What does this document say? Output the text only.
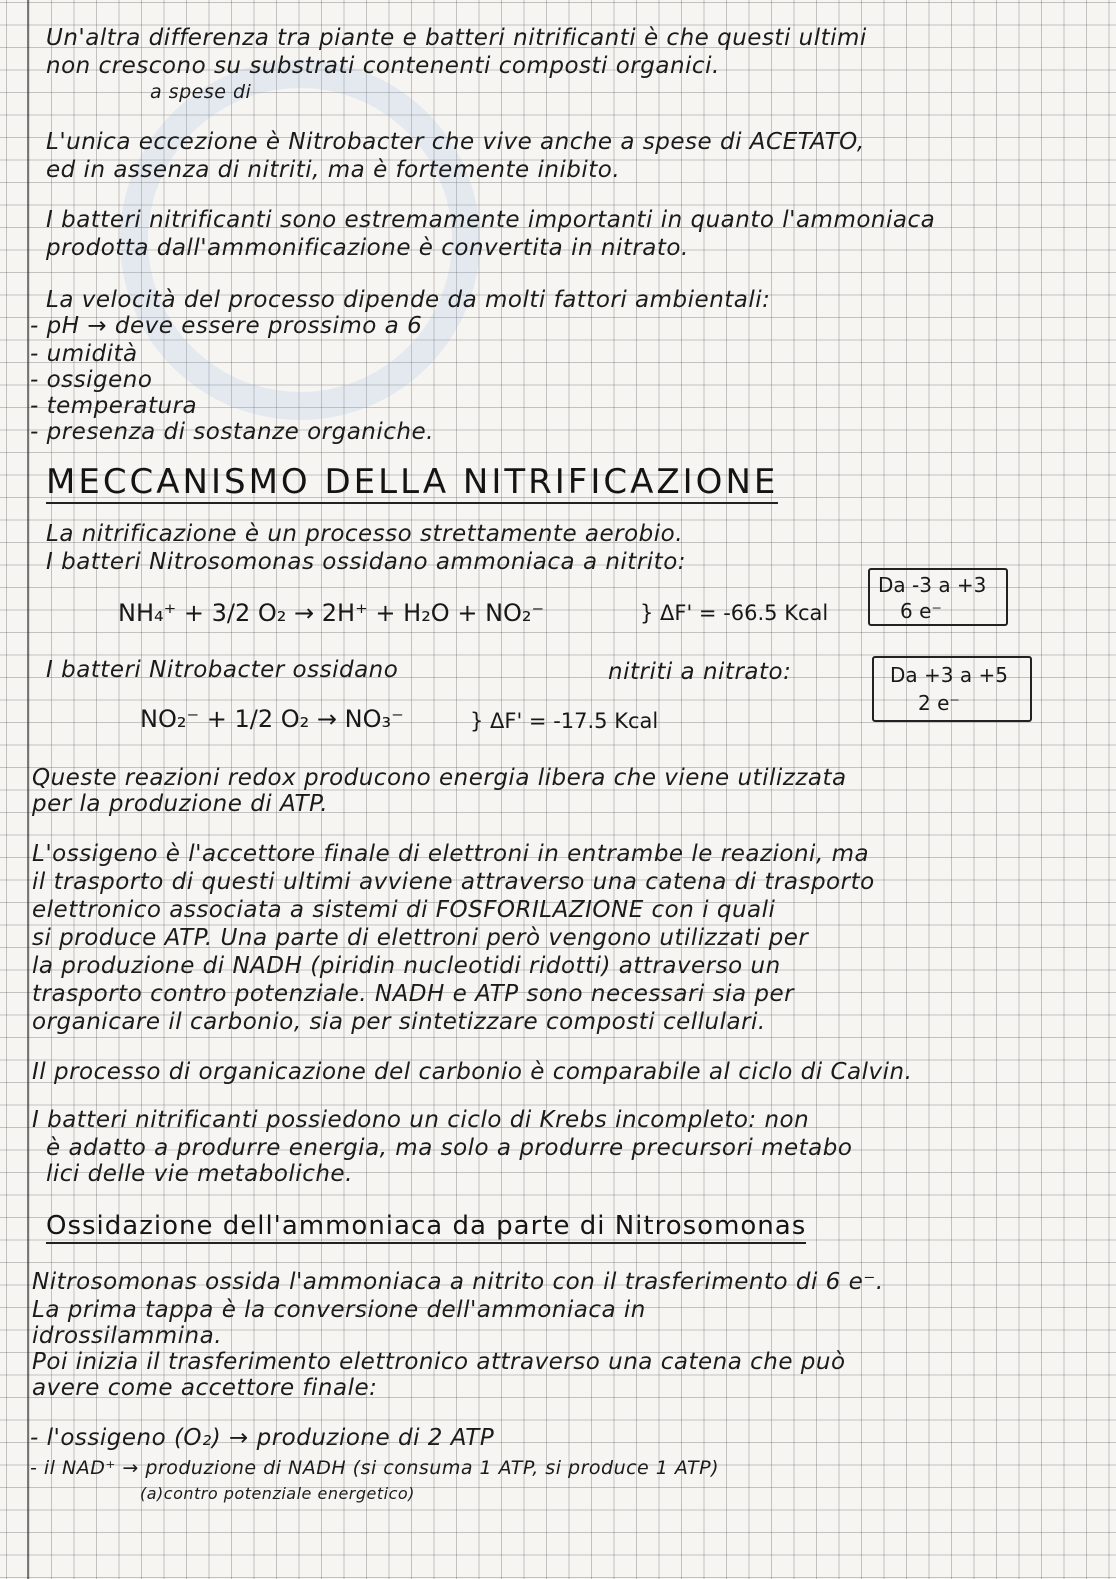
Un'altra differenza tra piante e batteri nitrificanti è che questi ultimi

non crescono su substrati contenenti composti organici.

a spese di

L'unica eccezione è Nitrobacter che vive anche a spese di ACETATO,

ed in assenza di nitriti, ma è fortemente inibito.

I batteri nitrificanti sono estremamente importanti in quanto l'ammoniaca

prodotta dall'ammonificazione è convertita in nitrato.

La velocità del processo dipende da molti fattori ambientali:

- pH → deve essere prossimo a 6

- umidità

- ossigeno

- temperatura

- presenza di sostanze organiche.

MECCANISMO DELLA NITRIFICAZIONE

La nitrificazione è un processo strettamente aerobio.

I batteri Nitrosomonas ossidano ammoniaca a nitrito:

NH₄⁺ + 3/2 O₂ → 2H⁺ + H₂O + NO₂⁻	} ΔF' = -66.5 Kcal

Da -3 a +3

6 e⁻

I batteri Nitrobacter ossidano	nitriti a nitrato:	Da +3 a +5

2 e⁻

NO₂⁻ + 1/2 O₂ → NO₃⁻	} ΔF' = -17.5 Kcal

Queste reazioni redox producono energia libera che viene utilizzata

per la produzione di ATP.

L'ossigeno è l'accettore finale di elettroni in entrambe le reazioni, ma

il trasporto di questi ultimi avviene attraverso una catena di trasporto

elettronico associata a sistemi di FOSFORILAZIONE con i quali

si produce ATP. Una parte di elettroni però vengono utilizzati per

la produzione di NADH (piridin nucleotidi ridotti) attraverso un

trasporto contro potenziale. NADH e ATP sono necessari sia per

organicare il carbonio, sia per sintetizzare composti cellulari.

Il processo di organicazione del carbonio è comparabile al ciclo di Calvin.

I batteri nitrificanti possiedono un ciclo di Krebs incompleto: non

è adatto a produrre energia, ma solo a produrre precursori metabo

lici delle vie metaboliche.

Ossidazione dell'ammoniaca da parte di Nitrosomonas

Nitrosomonas ossida l'ammoniaca a nitrito con il trasferimento di 6 e⁻.

La prima tappa è la conversione dell'ammoniaca in

idrossilammina.

Poi inizia il trasferimento elettronico attraverso una catena che può

avere come accettore finale:

- l'ossigeno (O₂) → produzione di 2 ATP

- il NAD⁺ → produzione di NADH (si consuma 1 ATP, si produce 1 ATP)

(a)contro potenziale energetico)
